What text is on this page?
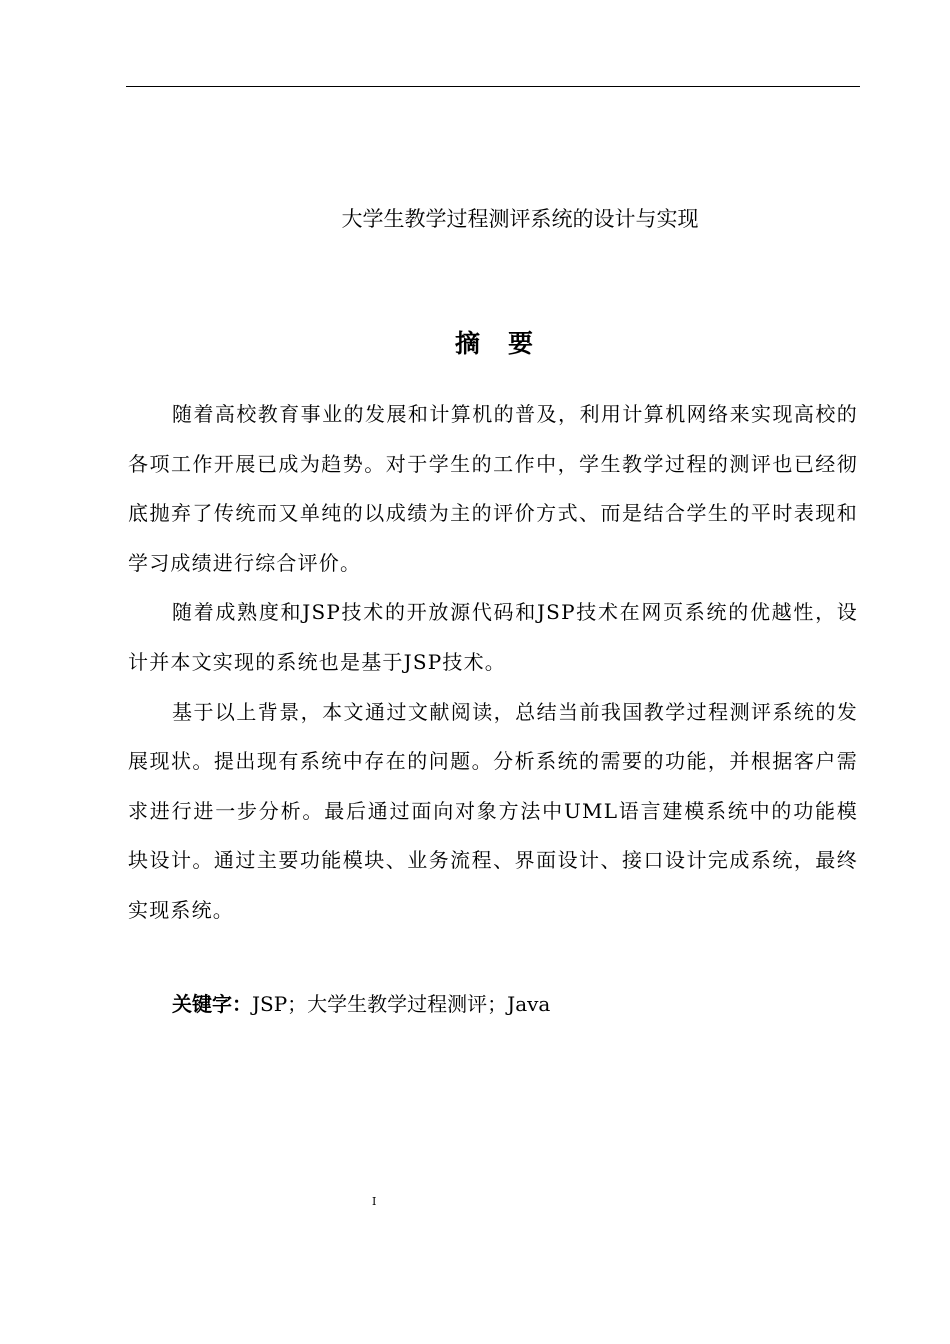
大学生教学过程测评系统的设计与实现
摘 要

随着高校教育事业的发展和计算机的普及，利用计算机网络来实现高校的各项工作开展已成为趋势。对于学生的工作中，学生教学过程的测评也已经彻底抛弃了传统而又单纯的以成绩为主的评价方式、而是结合学生的平时表现和学习成绩进行综合评价。

随着成熟度和JSP技术的开放源代码和JSP技术在网页系统的优越性，设计并本文实现的系统也是基于JSP技术。

基于以上背景，本文通过文献阅读，总结当前我国教学过程测评系统的发展现状。提出现有系统中存在的问题。分析系统的需要的功能，并根据客户需求进行进一步分析。最后通过面向对象方法中UML语言建模系统中的功能模块设计。通过主要功能模块、业务流程、界面设计、接口设计完成系统，最终实现系统。

关键字：JSP；大学生教学过程测评；Java
I
